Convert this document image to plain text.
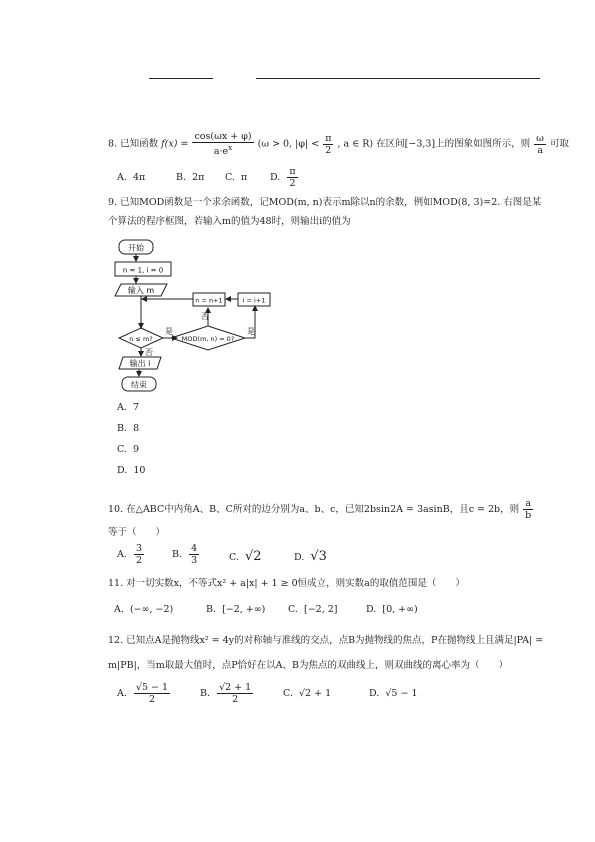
8. 已知函数 $f(x) = \frac{\cos(\omega x + \varphi)}{a\cdot e^x} (\omega > 0$, $|\varphi| < \frac{\pi}{2}$ , a ∈ R) 在区间[−3,3]上的图象如图所示，则 $\frac{\omega}{a}$ 可取
A. 4π	B. 2π C. π D. $\frac{\pi}{2}$
9. 已知MOD函数是一个求余函数，记MOD(m, n)表示m除以n的余数，例如MOD(8, 3)=2. 右图是某
个算法的程序框图，若输入m的值为48时，则输出i的值为
开始
n = 1, i = 0
输入 m
n ≤ m?	MOD(m, n) = 0?
n = n+1	i = i+1
是	是
否
否
输出 i
结束
A. 7
B. 8
C. 9
D. 10
10. 在△ABC中内角A、B、C所对的边分别为a、b、c，已知2bsin2A = 3asinB，且c = 2b，则 $\frac{a}{b}$
等于（　　）
A. $\frac{3}{2}$	B. $\frac{4}{3}$	C. √2	D. √3
11. 对一切实数x，不等式x² + a|x| + 1 ≥ 0恒成立，则实数a的取值范围是（　　）
A. (−∞, −2)	B. [−2, +∞) C. [−2, 2]	D. [0, +∞)
12. 已知点A是抛物线x² = 4y的对称轴与准线的交点，点B为抛物线的焦点，P在抛物线上且满足|PA| =
m|PB|，当m取最大值时，点P恰好在以A、B为焦点的双曲线上，则双曲线的离心率为（　　）
A. $\frac{√5 - 1}{2}$	B. $\frac{√2 + 1}{2}$	C. √2 + 1	D. √5 − 1
